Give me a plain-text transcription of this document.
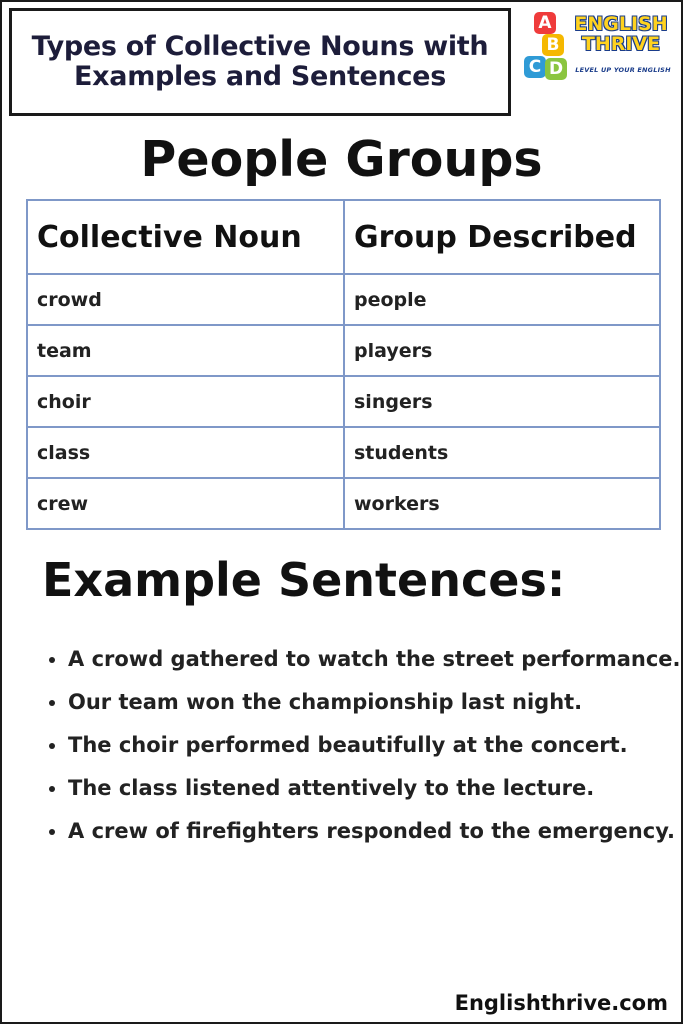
Types of Collective Nouns with Examples and Sentences
A
B
C D
ENGLISH
THRIVE
LEVEL UP YOUR ENGLISH
People Groups
Collective Noun	Group Described
crowd	people
team	players
choir	singers
class	students
crew	workers
Example Sentences:
• A crowd gathered to watch the street performance.
• Our team won the championship last night.
• The choir performed beautifully at the concert.
• The class listened attentively to the lecture.
• A crew of firefighters responded to the emergency.
Englishthrive.com
